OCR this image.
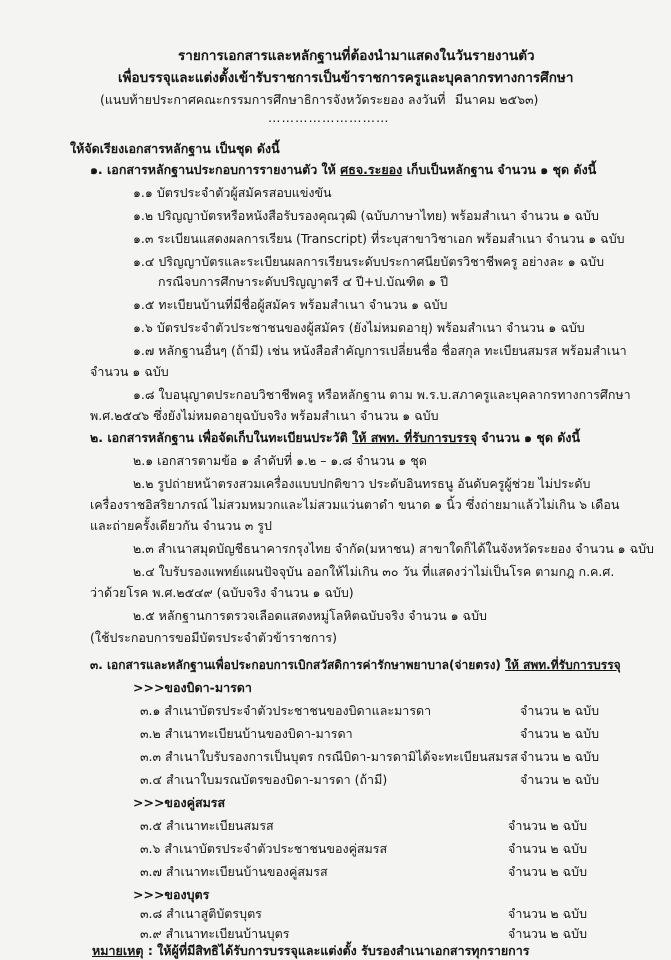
รายการเอกสารและหลักฐานที่ต้องนำมาแสดงในวันรายงานตัว
เพื่อบรรจุและแต่งตั้งเข้ารับราชการเป็นข้าราชการครูและบุคลากรทางการศึกษา
(แนบท้ายประกาศคณะกรรมการศึกษาธิการจังหวัดระยอง ลงวันที่ มีนาคม ๒๕๖๓)
………………………
ให้จัดเรียงเอกสารหลักฐาน เป็นชุด ดังนี้
๑. เอกสารหลักฐานประกอบการรายงานตัว ให้ ศธจ.ระยอง เก็บเป็นหลักฐาน จำนวน ๑ ชุด ดังนี้
๑.๑ บัตรประจำตัวผู้สมัครสอบแข่งขัน
๑.๒ ปริญญาบัตรหรือหนังสือรับรองคุณวุฒิ (ฉบับภาษาไทย) พร้อมสำเนา จำนวน ๑ ฉบับ
๑.๓ ระเบียนแสดงผลการเรียน (Transcript) ที่ระบุสาขาวิชาเอก พร้อมสำเนา จำนวน ๑ ฉบับ
๑.๔ ปริญญาบัตรและระเบียนผลการเรียนระดับประกาศนียบัตรวิชาชีพครู อย่างละ ๑ ฉบับ
กรณีจบการศึกษาระดับปริญญาตรี ๔ ปี+ป.บัณฑิต ๑ ปี
๑.๕ ทะเบียนบ้านที่มีชื่อผู้สมัคร พร้อมสำเนา จำนวน ๑ ฉบับ
๑.๖ บัตรประจำตัวประชาชนของผู้สมัคร (ยังไม่หมดอายุ) พร้อมสำเนา จำนวน ๑ ฉบับ
๑.๗ หลักฐานอื่นๆ (ถ้ามี) เช่น หนังสือสำคัญการเปลี่ยนชื่อ ชื่อสกุล ทะเบียนสมรส พร้อมสำเนา
จำนวน ๑ ฉบับ
๑.๘ ใบอนุญาตประกอบวิชาชีพครู หรือหลักฐาน ตาม พ.ร.บ.สภาครูและบุคลากรทางการศึกษา
พ.ศ.๒๕๔๖ ซึ่งยังไม่หมดอายุฉบับจริง พร้อมสำเนา จำนวน ๑ ฉบับ
๒. เอกสารหลักฐาน เพื่อจัดเก็บในทะเบียนประวัติ ให้ สพท. ที่รับการบรรจุ จำนวน ๑ ชุด ดังนี้
๒.๑ เอกสารตามข้อ ๑ ลำดับที่ ๑.๒ – ๑.๘ จำนวน ๑ ชุด
๒.๒ รูปถ่ายหน้าตรงสวมเครื่องแบบปกติขาว ประดับอินทรธนู อันดับครูผู้ช่วย ไม่ประดับ
เครื่องราชอิสริยาภรณ์ ไม่สวมหมวกและไม่สวมแว่นตาดำ ขนาด ๑ นิ้ว ซึ่งถ่ายมาแล้วไม่เกิน ๖ เดือน
และถ่ายครั้งเดียวกัน จำนวน ๓ รูป
๒.๓ สำเนาสมุดบัญชีธนาคารกรุงไทย จำกัด(มหาชน) สาขาใดก็ได้ในจังหวัดระยอง จำนวน ๑ ฉบับ
๒.๔ ใบรับรองแพทย์แผนปัจจุบัน ออกให้ไม่เกิน ๓๐ วัน ที่แสดงว่าไม่เป็นโรค ตามกฎ ก.ค.ศ.
ว่าด้วยโรค พ.ศ.๒๕๔๙ (ฉบับจริง จำนวน ๑ ฉบับ)
๒.๕ หลักฐานการตรวจเลือดแสดงหมู่โลหิตฉบับจริง จำนวน ๑ ฉบับ
(ใช้ประกอบการขอมีบัตรประจำตัวข้าราชการ)
๓. เอกสารและหลักฐานเพื่อประกอบการเบิกสวัสดิการค่ารักษาพยาบาล(จ่ายตรง) ให้ สพท.ที่รับการบรรจุ
>>>ของบิดา-มารดา
๓.๑ สำเนาบัตรประจำตัวประชาชนของบิดาและมารดา	จำนวน ๒ ฉบับ
๓.๒ สำเนาทะเบียนบ้านของบิดา-มารดา	จำนวน ๒ ฉบับ
๓.๓ สำเนาใบรับรองการเป็นบุตร กรณีบิดา-มารดามิได้จะทะเบียนสมรส จำนวน ๒ ฉบับ
๓.๔ สำเนาใบมรณบัตรของบิดา-มารดา (ถ้ามี)	จำนวน ๒ ฉบับ
>>>ของคู่สมรส
๓.๕ สำเนาทะเบียนสมรส	จำนวน ๒ ฉบับ
๓.๖ สำเนาบัตรประจำตัวประชาชนของคู่สมรส	จำนวน ๒ ฉบับ
๓.๗ สำเนาทะเบียนบ้านของคู่สมรส	จำนวน ๒ ฉบับ
>>>ของบุตร
๓.๘ สำเนาสูติบัตรบุตร	จำนวน ๒ ฉบับ
๓.๙ สำเนาทะเบียนบ้านบุตร	จำนวน ๒ ฉบับ
หมายเหตุ : ให้ผู้ที่มีสิทธิได้รับการบรรจุและแต่งตั้ง รับรองสำเนาเอกสารทุกรายการ
